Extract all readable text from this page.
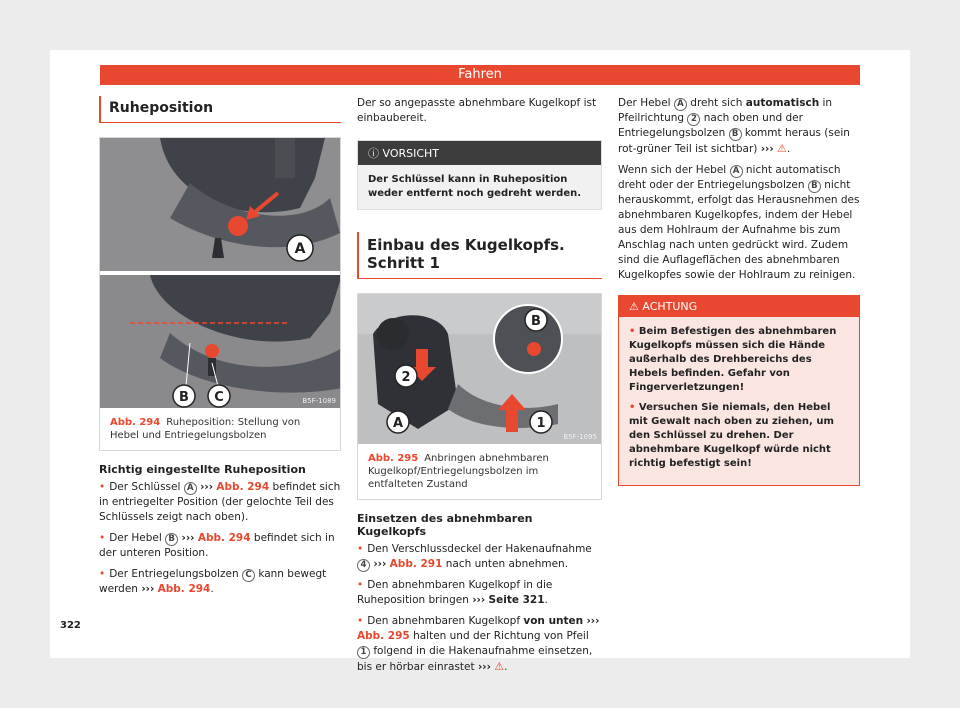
Fahren
Ruheposition
A
B C	B5F-1089
Abb. 294 Ruheposition: Stellung von Hebel und Entriegelungsbolzen
Richtig eingestellte Ruheposition
• Der Schlüssel A ››› Abb. 294 befindet sich in entriegelter Position (der gelochte Teil des Schlüssels zeigt nach oben).
• Der Hebel B ››› Abb. 294 befindet sich in der unteren Position.
• Der Entriegelungsbolzen C kann bewegt werden ››› Abb. 294.

Der so angepasste abnehmbare Kugelkopf ist einbaubereit.

ⓘ VORSICHT
Der Schlüssel kann in Ruheposition weder entfernt noch gedreht werden.
Einbau des Kugelkopfs. Schritt 1
B
2
A	1
B5F-1095
Abb. 295 Anbringen abnehmbaren Kugelkopf/Entriegelungsbolzen im entfalteten Zustand
Einsetzen des abnehmbaren Kugelkopfs
• Den Verschlussdeckel der Hakenaufnahme 4 ››› Abb. 291 nach unten abnehmen.
• Den abnehmbaren Kugelkopf in die Ruheposition bringen ››› Seite 321.
• Den abnehmbaren Kugelkopf von unten ››› Abb. 295 halten und der Richtung von Pfeil 1 folgend in die Hakenaufnahme einsetzen, bis er hörbar einrastet ››› ⚠.

Der Hebel A dreht sich automatisch in Pfeilrichtung 2 nach oben und der Entriegelungsbolzen B kommt heraus (sein rot-grüner Teil ist sichtbar) ››› ⚠.

Wenn sich der Hebel A nicht automatisch dreht oder der Entriegelungsbolzen B nicht herauskommt, erfolgt das Herausnehmen des abnehmbaren Kugelkopfes, indem der Hebel aus dem Hohlraum der Aufnahme bis zum Anschlag nach unten gedrückt wird. Zudem sind die Auflageflächen des abnehmbaren Kugelkopfes sowie der Hohlraum zu reinigen.

⚠ ACHTUNG
• Beim Befestigen des abnehmbaren Kugelkopfs müssen sich die Hände außerhalb des Drehbereichs des Hebels befinden. Gefahr von Fingerverletzungen!
• Versuchen Sie niemals, den Hebel mit Gewalt nach oben zu ziehen, um den Schlüssel zu drehen. Der abnehmbare Kugelkopf würde nicht richtig befestigt sein!
322
